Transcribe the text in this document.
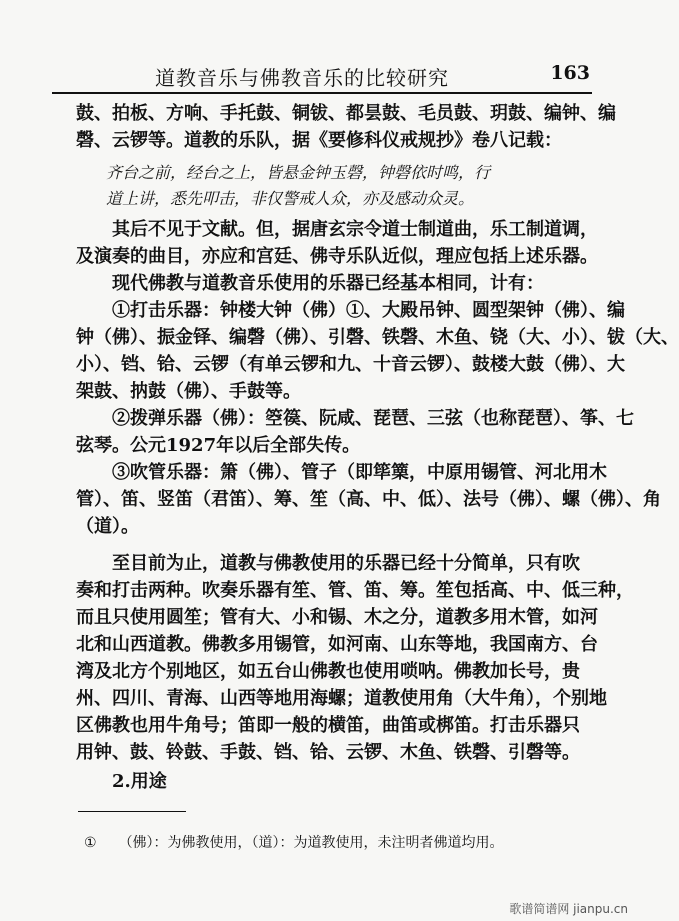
道教音乐与佛教音乐的比较研究	163
鼓、拍板、方响、手托鼓、铜钹、都昙鼓、毛员鼓、玥鼓、编钟、编
磬、云锣等。道教的乐队，据《要修科仪戒规抄》卷八记载：
齐台之前，经台之上，皆悬金钟玉磬，钟磬依时鸣，行
道上讲，悉先叩击，非仅警戒人众，亦及感动众灵。
其后不见于文献。但，据唐玄宗令道士制道曲，乐工制道调，
及演奏的曲目，亦应和宫廷、佛寺乐队近似，理应包括上述乐器。
现代佛教与道教音乐使用的乐器已经基本相同，计有：
①打击乐器：钟楼大钟（佛）①、大殿吊钟、圆型架钟（佛）、编
钟（佛）、振金铎、编磬（佛）、引磬、铁磬、木鱼、铙（大、小）、钹（大、
小）、铛、铪、云锣（有单云锣和九、十音云锣）、鼓楼大鼓（佛）、大
架鼓、抐鼓（佛）、手鼓等。
②拨弹乐器（佛）：箜篌、阮咸、琵琶、三弦（也称琵琶）、筝、七
弦琴。公元1927年以后全部失传。
③吹管乐器：箫（佛）、管子（即筚篥，中原用锡管、河北用木
管）、笛、竖笛（君笛）、筹、笙（高、中、低）、法号（佛）、螺（佛）、角
（道）。
至目前为止，道教与佛教使用的乐器已经十分简单，只有吹
奏和打击两种。吹奏乐器有笙、管、笛、筹。笙包括高、中、低三种，
而且只使用圆笙；管有大、小和锡、木之分，道教多用木管，如河
北和山西道教。佛教多用锡管，如河南、山东等地，我国南方、台
湾及北方个别地区，如五台山佛教也使用唢呐。佛教加长号，贵
州、四川、青海、山西等地用海螺；道教使用角（大牛角），个别地
区佛教也用牛角号；笛即一般的横笛，曲笛或梆笛。打击乐器只
用钟、鼓、铃鼓、手鼓、铛、铪、云锣、木鱼、铁磬、引磬等。
2.用途
① （佛）：为佛教使用，（道）：为道教使用，未注明者佛道均用。
歌谱简谱网 jianpu.cn
